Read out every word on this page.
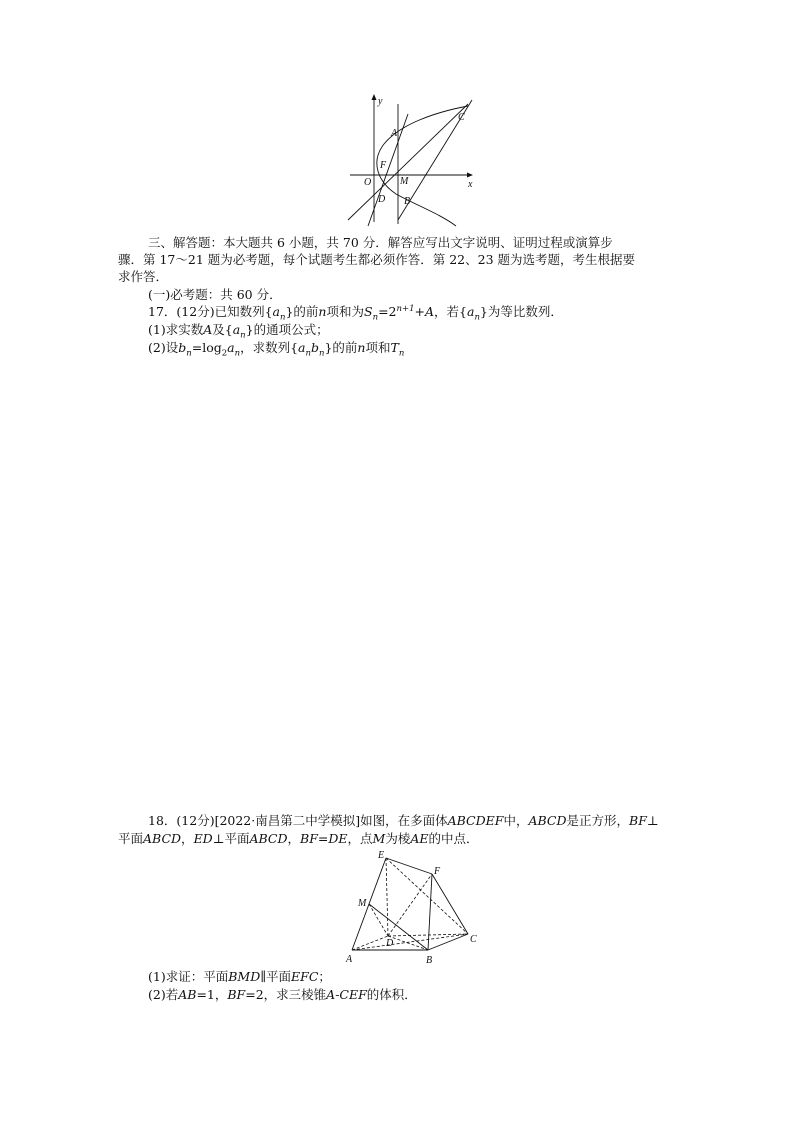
y
x
O
A
C
F
M
D B
三、解答题：本大题共 6 小题，共 70 分．解答应写出文字说明、证明过程或演算步
骤．第 17～21 题为必考题，每个试题考生都必须作答．第 22、23 题为选考题，考生根据要
求作答．
(一)必考题：共 60 分．
17．(12分)已知数列$\{a_n\}$的前n项和为$S_n=2^{n+1}+A$，若$\{a_n\}$为等比数列．
(1)求实数A及$\{a_n\}$的通项公式；
(2)设$b_n=\log_2a_n$，求数列$\{a_nb_n\}$的前n项和$T_n$
18．(12分)[2022·南昌第二中学模拟]如图，在多面体ABCDEF中，ABCD是正方形，BF⊥
平面ABCD，ED⊥平面ABCD，BF=DE，点M为棱AE的中点．
E
F
M
D	C
A	B
(1)求证：平面BMD∥平面EFC；
(2)若AB=1，BF=2，求三棱锥A-CEF的体积．
